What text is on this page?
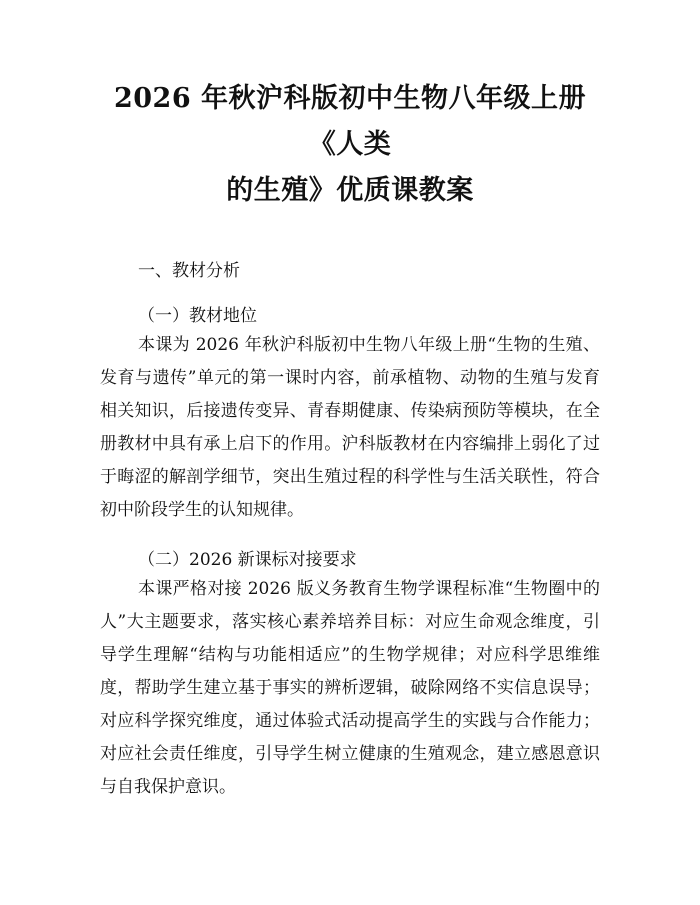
2026 年秋沪科版初中生物八年级上册《人类
的生殖》优质课教案

一、教材分析

（一）教材地位

本课为 2026 年秋沪科版初中生物八年级上册“生物的生殖、发育与遗传”单元的第一课时内容，前承植物、动物的生殖与发育相关知识，后接遗传变异、青春期健康、传染病预防等模块，在全册教材中具有承上启下的作用。沪科版教材在内容编排上弱化了过于晦涩的解剖学细节，突出生殖过程的科学性与生活关联性，符合初中阶段学生的认知规律。

（二）2026 新课标对接要求

本课严格对接 2026 版义务教育生物学课程标准“生物圈中的人”大主题要求，落实核心素养培养目标：对应生命观念维度，引导学生理解“结构与功能相适应”的生物学规律；对应科学思维维度，帮助学生建立基于事实的辨析逻辑，破除网络不实信息误导；对应科学探究维度，通过体验式活动提高学生的实践与合作能力；对应社会责任维度，引导学生树立健康的生殖观念，建立感恩意识与自我保护意识。
